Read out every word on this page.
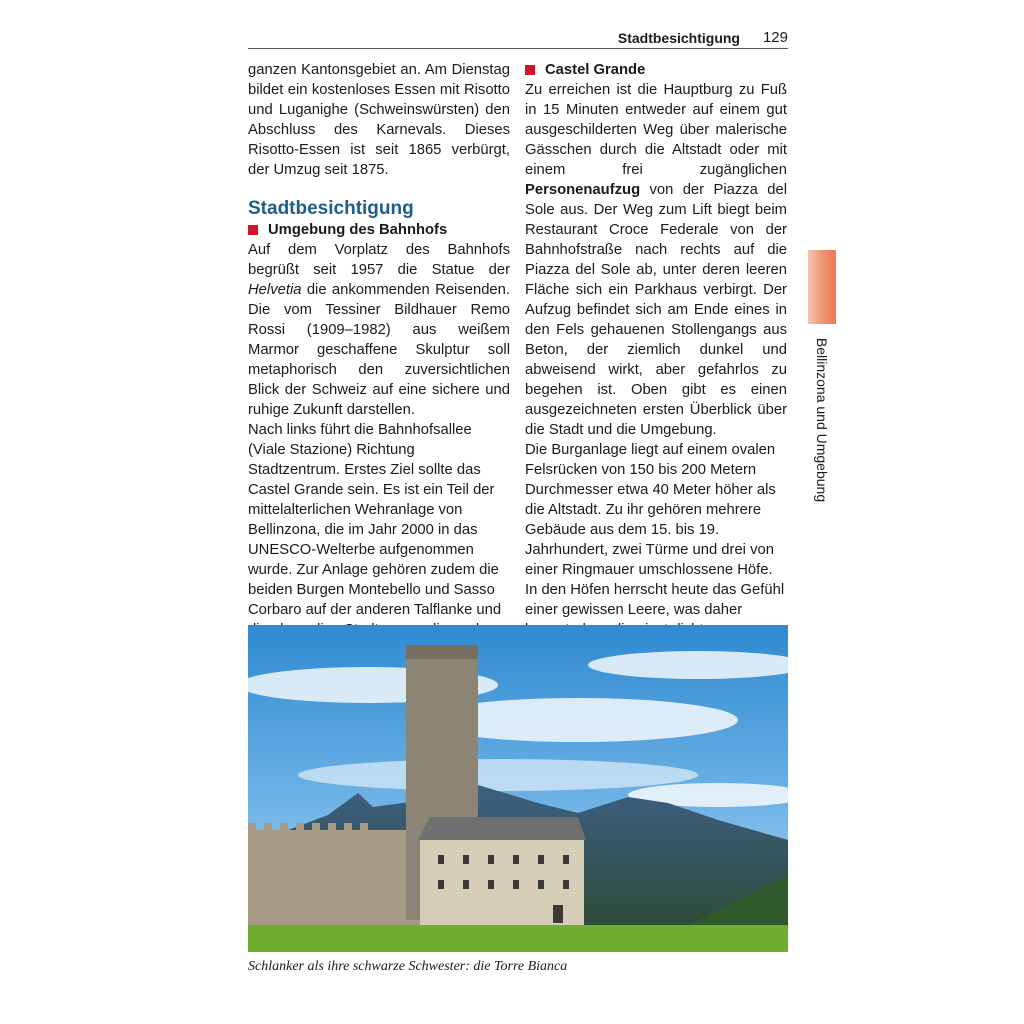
Stadtbesichtigung 129

ganzen Kantonsgebiet an. Am Dienstag bildet ein kostenloses Essen mit Risotto und Luganighe (Schweinswürsten) den Abschluss des Karnevals. Dieses Risotto-Essen ist seit 1865 verbürgt, der Umzug seit 1875.

Stadtbesichtigung
Umgebung des Bahnhofs

Auf dem Vorplatz des Bahnhofs begrüßt seit 1957 die Statue der Helvetia die ankommenden Reisenden. Die vom Tessiner Bildhauer Remo Rossi (1909–1982) aus weißem Marmor geschaffene Skulptur soll metaphorisch den zuversichtlichen Blick der Schweiz auf eine sichere und ruhige Zukunft darstellen.

Nach links führt die Bahnhofsallee (Viale Stazione) Richtung Stadtzentrum. Erstes Ziel sollte das Castel Grande sein. Es ist ein Teil der mittelalterlichen Wehranlage von Bellinzona, die im Jahr 2000 in das UNESCO-Welterbe aufgenommen wurde. Zur Anlage gehören zudem die beiden Burgen Montebello und Sasso Corbaro auf der anderen Talflanke und

Castel Grande

Zu erreichen ist die Hauptburg zu Fuß in 15 Minuten entweder auf einem gut ausgeschilderten Weg über malerische Gässchen durch die Altstadt oder mit einem frei zugänglichen Personenaufzug von der Piazza del Sole aus. Der Weg zum Lift biegt beim Restaurant Croce Federale von der Bahnhofstraße nach rechts auf die Piazza del Sole ab, unter deren leeren Fläche sich ein Parkhaus verbirgt. Der Aufzug befindet sich am Ende eines in den Fels gehauenen Stollengangs aus Beton, der ziemlich dunkel und abweisend wirkt, aber gefahrlos zu begehen ist. Oben gibt es einen ausgezeichneten ersten Überblick über die Stadt und die Umgebung.

Die Burganlage liegt auf einem ovalen Felsrücken von 150 bis 200 Metern Durchmesser etwa 40 Meter höher als die Altstadt. Zu ihr gehören mehrere Gebäude aus dem 15. bis 19. Jahrhundert, zwei Türme und drei von einer Ringmauer umschlossene Höfe. In den Höfen herrscht heute das Gefühl einer gewissen Leere, was daher

Bellinzona und Umgebung
Schlanker als ihre schwarze Schwester: die Torre Bianca
